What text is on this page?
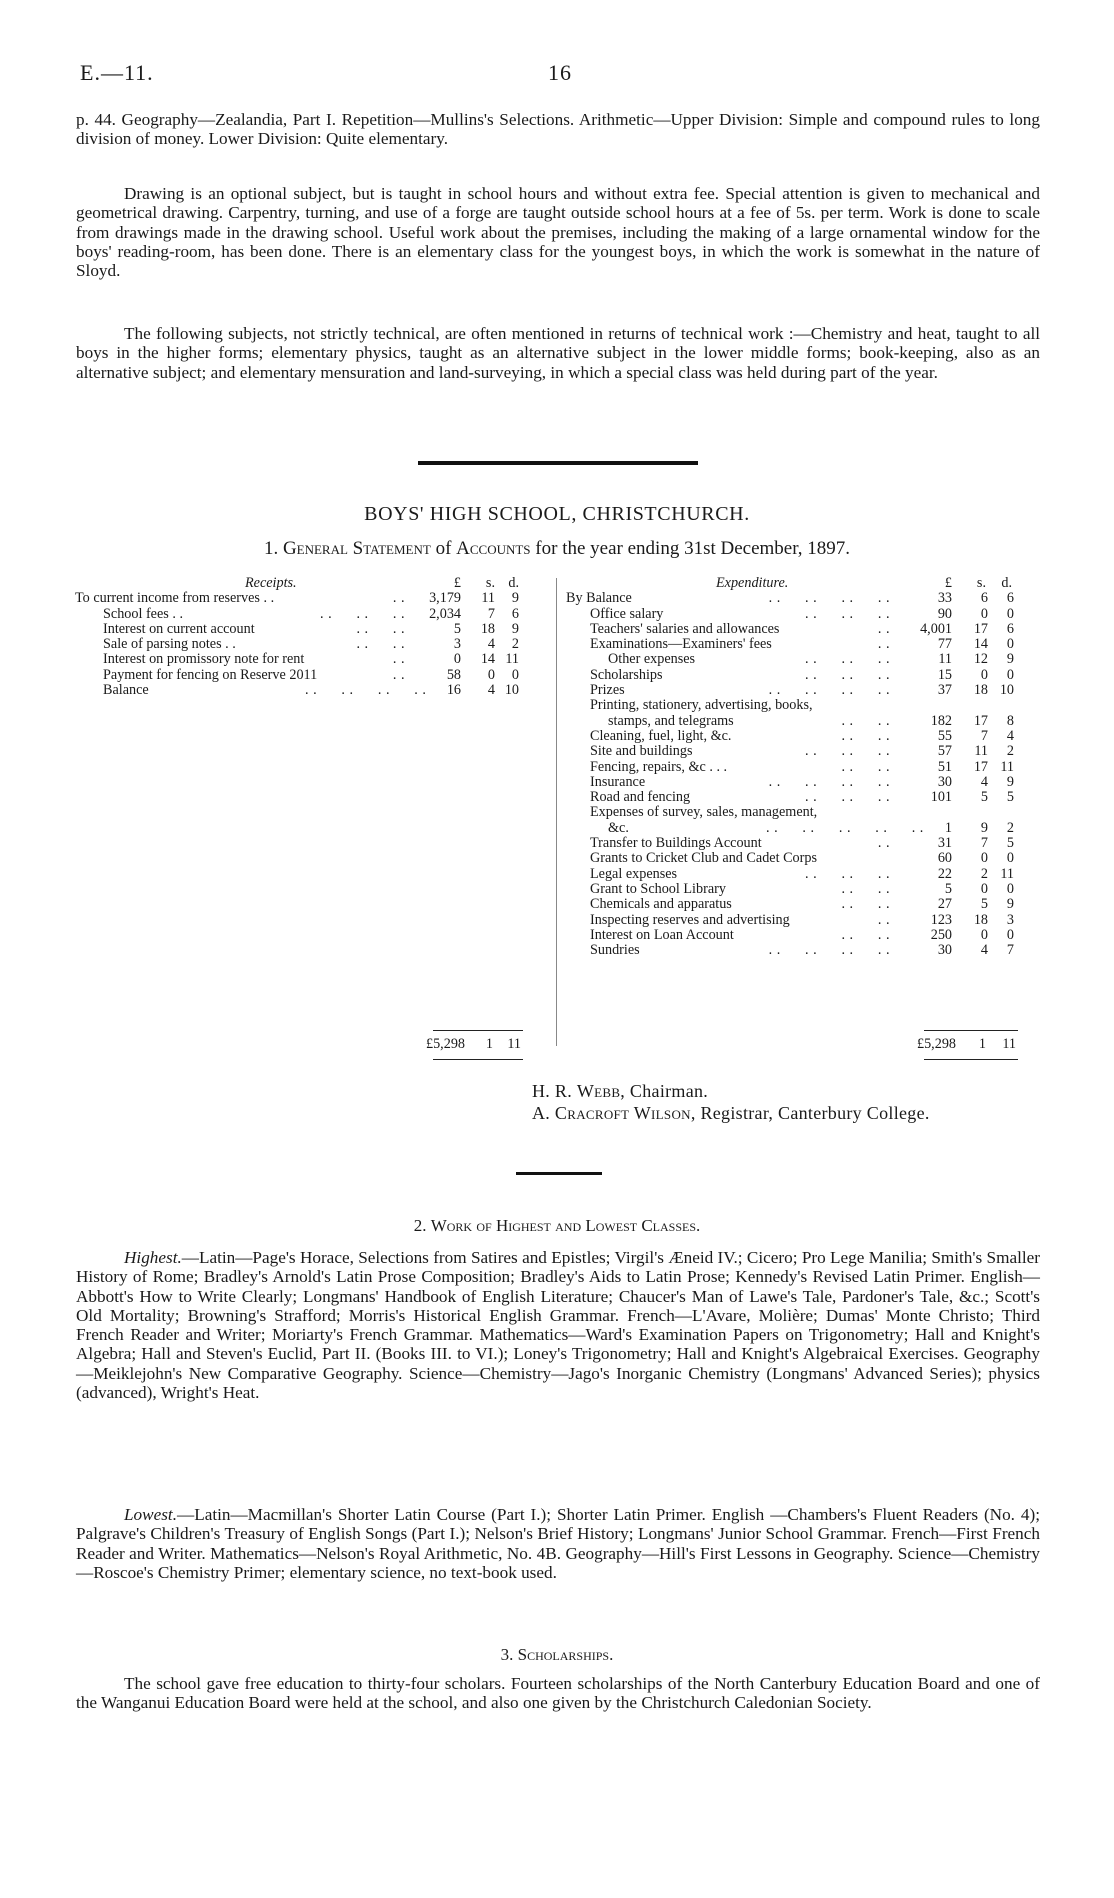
E.—11.	16

p. 44. Geography—Zealandia, Part I. Repetition—Mullins's Selections. Arithmetic—Upper Division: Simple and compound rules to long division of money. Lower Division: Quite elementary.

Drawing is an optional subject, but is taught in school hours and without extra fee. Special attention is given to mechanical and geometrical drawing. Carpentry, turning, and use of a forge are taught outside school hours at a fee of 5s. per term. Work is done to scale from drawings made in the drawing school. Useful work about the premises, including the making of a large ornamental window for the boys' reading-room, has been done. There is an elementary class for the youngest boys, in which the work is somewhat in the nature of Sloyd.

The following subjects, not strictly technical, are often mentioned in returns of technical work :—Chemistry and heat, taught to all boys in the higher forms; elementary physics, taught as an alternative subject in the lower middle forms; book-keeping, also as an alternative subject; and elementary mensuration and land-surveying, in which a special class was held during part of the year.

BOYS' HIGH SCHOOL, CHRISTCHURCH.
1. General Statement of Accounts for the year ending 31st December, 1897.
Receipts.	£	s. d.
To current income from reserves . .	. .	3,179	11	9
School fees . .	. .      . .      . .	2,034	7	6
Interest on current account	. .      . .	5	18	9
Sale of parsing notes . .	. .      . .	3	4	2
Interest on promissory note for rent	. .	0	14 11
Payment for fencing on Reserve 2011	. .	58	0	0
Balance	. .      . .      . .      . .	16	4 10
£5,298	1	11
Expenditure.	£	s.	d.
By Balance	. .      . .      . .      . .	33	6	6
Office salary	. .      . .      . .	90	0	0
Teachers' salaries and allowances	. .	4,001	17	6
Examinations—Examiners' fees	. .	77	14	0
Other expenses	. .      . .      . .	11	12	9
Scholarships	. .      . .      . .	15	0	0
Prizes	. .      . .      . .      . .	37	18 10
Printing, stationery, advertising, books,
stamps, and telegrams	. .      . .	182	17	8
Cleaning, fuel, light, &c.	. .      . .	55	7	4
Site and buildings	. .      . .      . .	57	11	2
Fencing, repairs, &c . . .	. .      . .	51	17 11
Insurance	. .      . .      . .      . .	30	4	9
Road and fencing	. .      . .      . .	101	5	5
Expenses of survey, sales, management,
&c.	. .      . .      . .      . .      . .	1	9	2
Transfer to Buildings Account	. .	31	7	5
Grants to Cricket Club and Cadet Corps	60	0	0
Legal expenses	. .      . .      . .	22	2 11
Grant to School Library	. .      . .	5	0	0
Chemicals and apparatus	. .      . .	27	5	9
Inspecting reserves and advertising	. .	123	18	3
Interest on Loan Account	. .      . .	250	0	0
Sundries	. .      . .      . .      . .	30	4	7
£5,298	1	11
H. R. Webb, Chairman.
A. Cracroft Wilson, Registrar, Canterbury College.
2. Work of Highest and Lowest Classes.

Highest.—Latin—Page's Horace, Selections from Satires and Epistles; Virgil's Æneid IV.; Cicero; Pro Lege Manilia; Smith's Smaller History of Rome; Bradley's Arnold's Latin Prose Composition; Bradley's Aids to Latin Prose; Kennedy's Revised Latin Primer. English—Abbott's How to Write Clearly; Longmans' Handbook of English Literature; Chaucer's Man of Lawe's Tale, Pardoner's Tale, &c.; Scott's Old Mortality; Browning's Strafford; Morris's Historical English Grammar. French—L'Avare, Molière; Dumas' Monte Christo; Third French Reader and Writer; Moriarty's French Grammar. Mathematics—Ward's Examination Papers on Trigonometry; Hall and Knight's Algebra; Hall and Steven's Euclid, Part II. (Books III. to VI.); Loney's Trigonometry; Hall and Knight's Algebraical Exercises. Geography—Meiklejohn's New Comparative Geography. Science—Chemistry—Jago's Inorganic Chemistry (Longmans' Advanced Series); physics (advanced), Wright's Heat.

Lowest.—Latin—Macmillan's Shorter Latin Course (Part I.); Shorter Latin Primer. English —Chambers's Fluent Readers (No. 4); Palgrave's Children's Treasury of English Songs (Part I.); Nelson's Brief History; Longmans' Junior School Grammar. French—First French Reader and Writer. Mathematics—Nelson's Royal Arithmetic, No. 4B. Geography—Hill's First Lessons in Geography. Science—Chemistry—Roscoe's Chemistry Primer; elementary science, no text-book used.

3. Scholarships.

The school gave free education to thirty-four scholars. Fourteen scholarships of the North Canterbury Education Board and one of the Wanganui Education Board were held at the school, and also one given by the Christchurch Caledonian Society.
